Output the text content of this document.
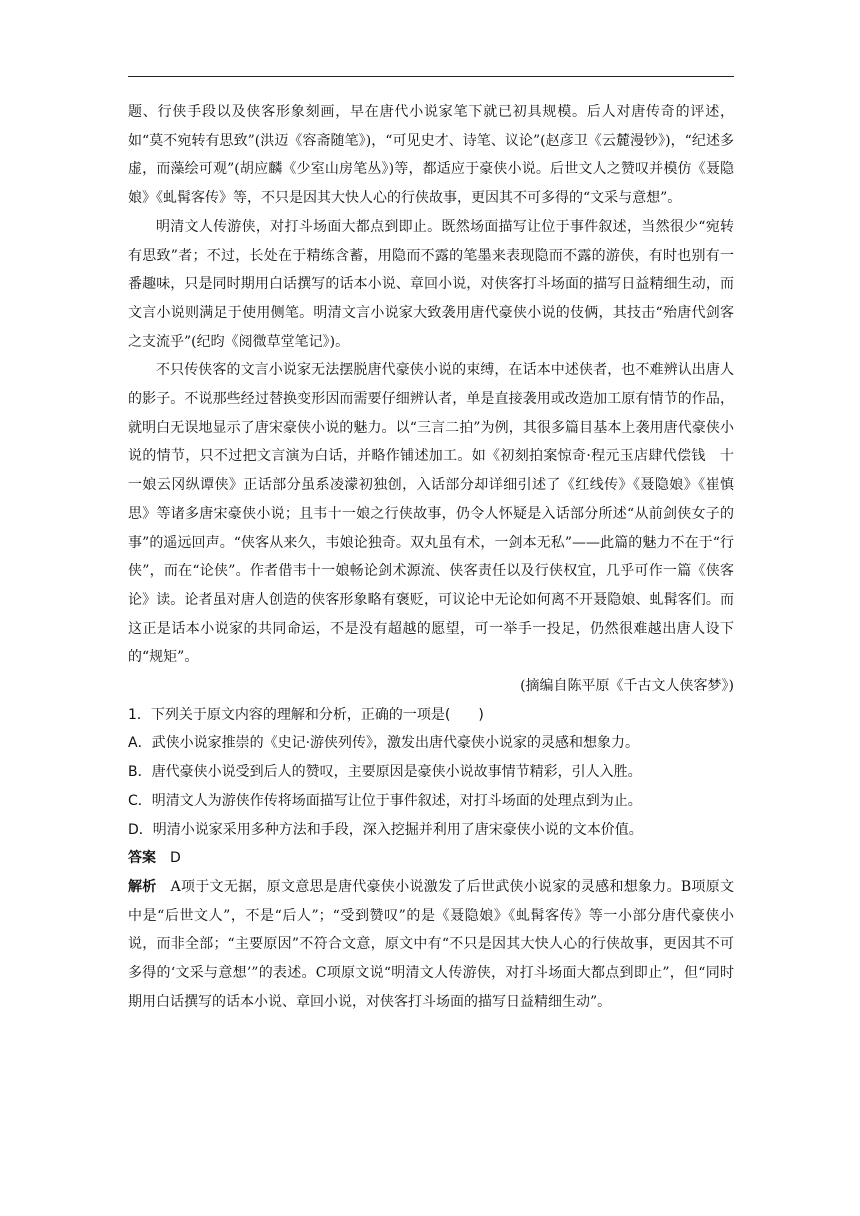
题、行侠手段以及侠客形象刻画，早在唐代小说家笔下就已初具规模。后人对唐传奇的评述，如“莫不宛转有思致”(洪迈《容斋随笔》)，“可见史才、诗笔、议论”(赵彦卫《云麓漫钞》)，“纪述多虚，而藻绘可观”(胡应麟《少室山房笔丛》)等，都适应于豪侠小说。后世文人之赞叹并模仿《聂隐娘》《虬髯客传》等，不只是因其大快人心的行侠故事，更因其不可多得的“文采与意想”。

明清文人传游侠，对打斗场面大都点到即止。既然场面描写让位于事件叙述，当然很少“宛转有思致”者；不过，长处在于精练含蓄，用隐而不露的笔墨来表现隐而不露的游侠，有时也别有一番趣味，只是同时期用白话撰写的话本小说、章回小说，对侠客打斗场面的描写日益精细生动，而文言小说则满足于使用侧笔。明清文言小说家大致袭用唐代豪侠小说的伎俩，其技击“殆唐代剑客之支流乎”(纪昀《阅微草堂笔记》)。

不只传侠客的文言小说家无法摆脱唐代豪侠小说的束缚，在话本中述侠者，也不难辨认出唐人的影子。不说那些经过替换变形因而需要仔细辨认者，单是直接袭用或改造加工原有情节的作品，就明白无误地显示了唐宋豪侠小说的魅力。以“三言二拍”为例，其很多篇目基本上袭用唐代豪侠小说的情节，只不过把文言演为白话，并略作铺述加工。如《初刻拍案惊奇·程元玉店肆代偿钱　十一娘云冈纵谭侠》正话部分虽系凌濛初独创，入话部分却详细引述了《红线传》《聂隐娘》《崔慎思》等诸多唐宋豪侠小说；且韦十一娘之行侠故事，仍令人怀疑是入话部分所述“从前剑侠女子的事”的遥远回声。“侠客从来久，韦娘论独奇。双丸虽有术，一剑本无私”——此篇的魅力不在于“行侠”，而在“论侠”。作者借韦十一娘畅论剑术源流、侠客责任以及行侠权宜，几乎可作一篇《侠客论》读。论者虽对唐人创造的侠客形象略有褒贬，可议论中无论如何离不开聂隐娘、虬髯客们。而这正是话本小说家的共同命运，不是没有超越的愿望，可一举手一投足，仍然很难越出唐人设下的“规矩”。

(摘编自陈平原《千古文人侠客梦》)

1．下列关于原文内容的理解和分析，正确的一项是(　　)

A．武侠小说家推崇的《史记·游侠列传》，激发出唐代豪侠小说家的灵感和想象力。

B．唐代豪侠小说受到后人的赞叹，主要原因是豪侠小说故事情节精彩，引人入胜。

C．明清文人为游侠作传将场面描写让位于事件叙述，对打斗场面的处理点到为止。

D．明清小说家采用多种方法和手段，深入挖掘并利用了唐宋豪侠小说的文本价值。

答案 D

解析 A项于文无据，原文意思是唐代豪侠小说激发了后世武侠小说家的灵感和想象力。B项原文中是“后世文人”，不是“后人”；“受到赞叹”的是《聂隐娘》《虬髯客传》等一小部分唐代豪侠小说，而非全部；“主要原因”不符合文意，原文中有“不只是因其大快人心的行侠故事，更因其不可多得的‘文采与意想’”的表述。C项原文说“明清文人传游侠，对打斗场面大都点到即止”，但“同时期用白话撰写的话本小说、章回小说，对侠客打斗场面的描写日益精细生动”。
